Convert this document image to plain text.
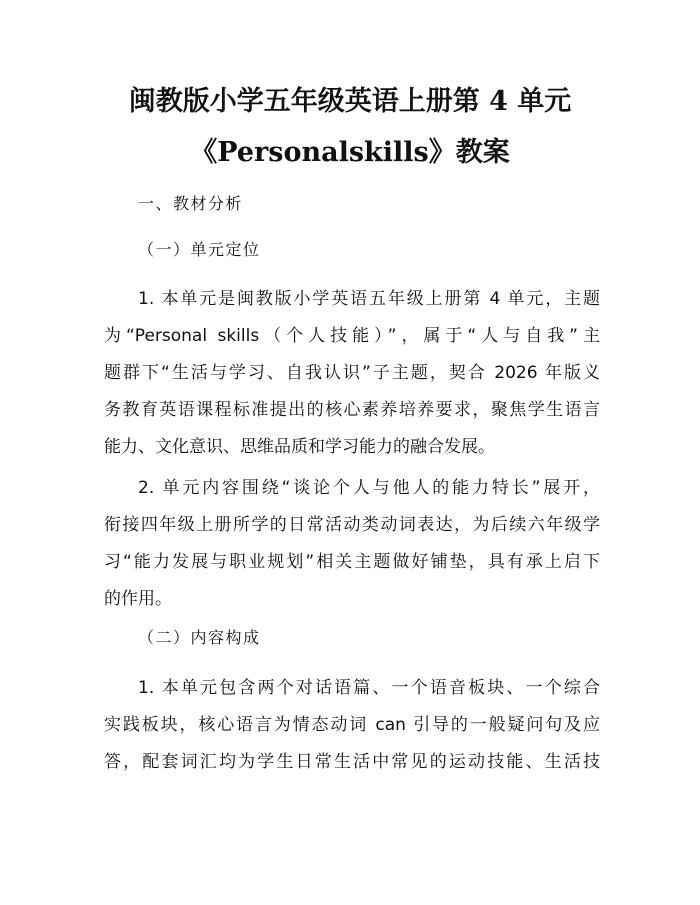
闽教版小学五年级英语上册第 4 单元
《Personalskills》教案

一、教材分析

（一）单元定位

1. 本单元是闽教版小学英语五年级上册第 4 单元，主题
为“Personal skills（个人技能）”，属于“人与自我”主
题群下“生活与学习、自我认识”子主题，契合 2026 年版义
务教育英语课程标准提出的核心素养培养要求，聚焦学生语言
能力、文化意识、思维品质和学习能力的融合发展。
2. 单元内容围绕“谈论个人与他人的能力特长”展开，
衔接四年级上册所学的日常活动类动词表达，为后续六年级学
习“能力发展与职业规划”相关主题做好铺垫，具有承上启下
的作用。

（二）内容构成

1. 本单元包含两个对话语篇、一个语音板块、一个综合
实践板块，核心语言为情态动词 can 引导的一般疑问句及应
答，配套词汇均为学生日常生活中常见的运动技能、生活技
